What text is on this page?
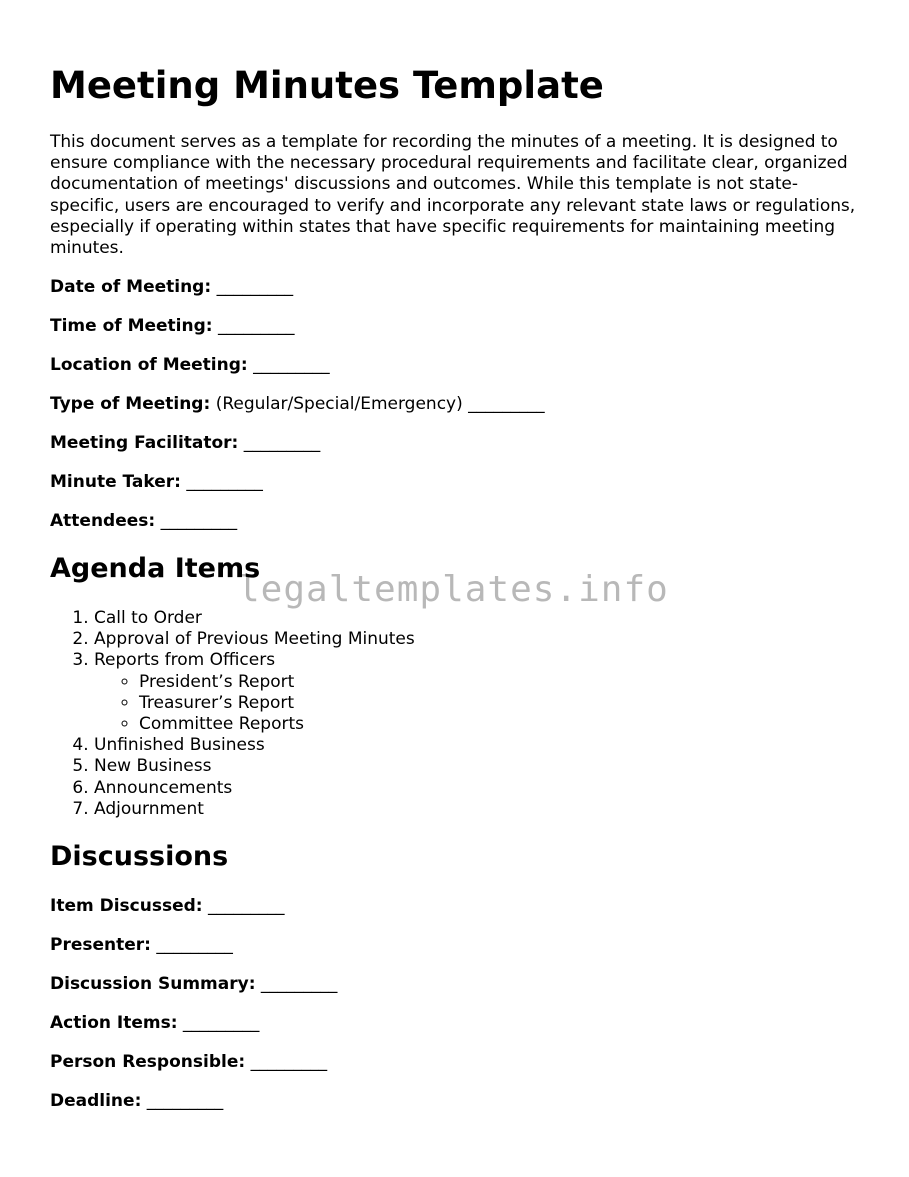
Meeting Minutes Template

This document serves as a template for recording the minutes of a meeting. It is designed to ensure compliance with the necessary procedural requirements and facilitate clear, organized documentation of meetings' discussions and outcomes. While this template is not state-specific, users are encouraged to verify and incorporate any relevant state laws or regulations, especially if operating within states that have specific requirements for maintaining meeting minutes.

Date of Meeting: _________

Time of Meeting: _________

Location of Meeting: _________

Type of Meeting: (Regular/Special/Emergency) _________

Meeting Facilitator: _________

Minute Taker: _________

Attendees: _________

Agenda Items
1. Call to Order
2. Approval of Previous Meeting Minutes
3. Reports from Officers
◦ President’s Report
◦ Treasurer’s Report
◦ Committee Reports
4. Unfinished Business
5. New Business
6. Announcements
7. Adjournment
Discussions

Item Discussed: _________

Presenter: _________

Discussion Summary: _________

Action Items: _________

Person Responsible: _________

Deadline: _________

legaltemplates.info
